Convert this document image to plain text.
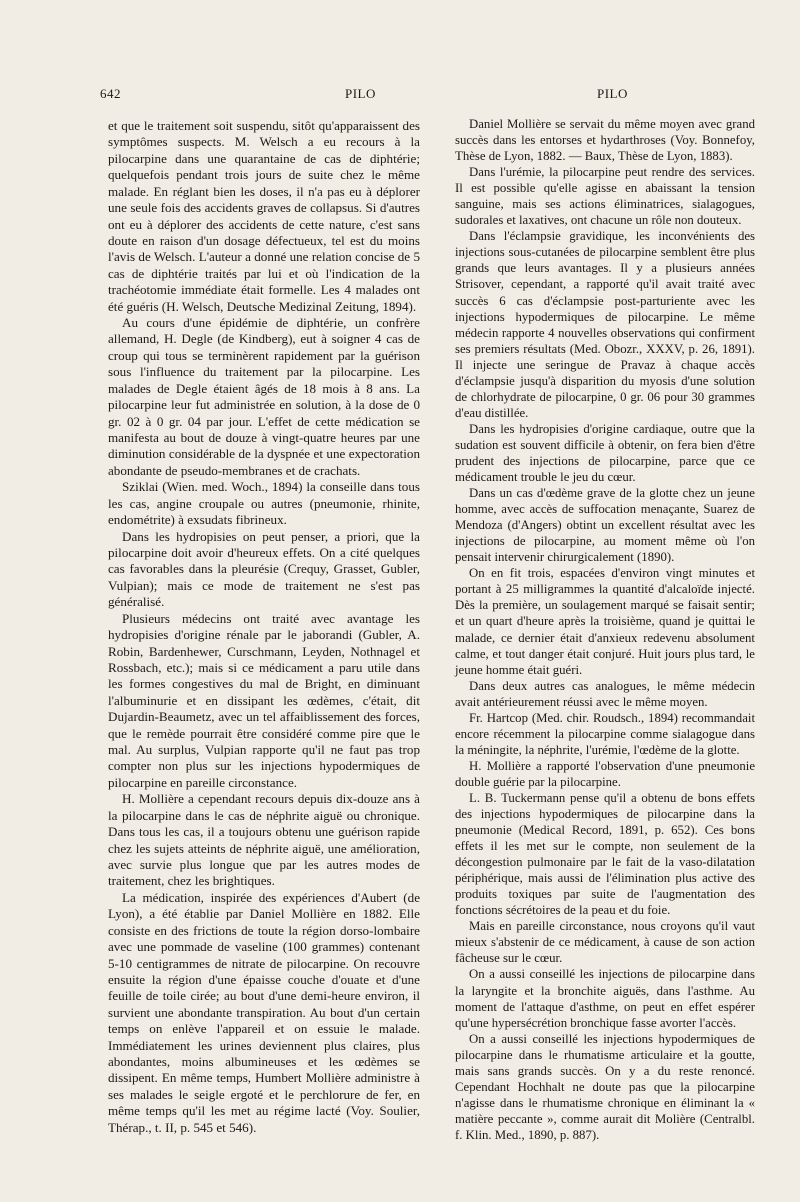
642	PILO	PILO

et que le traitement soit suspendu, sitôt qu'apparaissent des symptômes suspects. M. Welsch a eu recours à la pilocarpine dans une quarantaine de cas de diphtérie; quelquefois pendant trois jours de suite chez le même malade. En réglant bien les doses, il n'a pas eu à déplorer une seule fois des accidents graves de collapsus. Si d'autres ont eu à déplorer des accidents de cette nature, c'est sans doute en raison d'un dosage défectueux, tel est du moins l'avis de Welsch. L'auteur a donné une relation concise de 5 cas de diphtérie traités par lui et où l'indication de la trachéotomie immédiate était formelle. Les 4 malades ont été guéris (H. Welsch, Deutsche Medizinal Zeitung, 1894).

Au cours d'une épidémie de diphtérie, un confrère allemand, H. Degle (de Kindberg), eut à soigner 4 cas de croup qui tous se terminèrent rapidement par la guérison sous l'influence du traitement par la pilocarpine. Les malades de Degle étaient âgés de 18 mois à 8 ans. La pilocarpine leur fut administrée en solution, à la dose de 0 gr. 02 à 0 gr. 04 par jour. L'effet de cette médication se manifesta au bout de douze à vingt-quatre heures par une diminution considérable de la dyspnée et une expectoration abondante de pseudo-membranes et de crachats.

Sziklai (Wien. med. Woch., 1894) la conseille dans tous les cas, angine croupale ou autres (pneumonie, rhinite, endométrite) à exsudats fibrineux.

Dans les hydropisies on peut penser, a priori, que la pilocarpine doit avoir d'heureux effets. On a cité quelques cas favorables dans la pleurésie (Crequy, Grasset, Gubler, Vulpian); mais ce mode de traitement ne s'est pas généralisé.

Plusieurs médecins ont traité avec avantage les hydropisies d'origine rénale par le jaborandi (Gubler, A. Robin, Bardenhewer, Curschmann, Leyden, Nothnagel et Rossbach, etc.); mais si ce médicament a paru utile dans les formes congestives du mal de Bright, en diminuant l'albuminurie et en dissipant les œdèmes, c'était, dit Dujardin-Beaumetz, avec un tel affaiblissement des forces, que le remède pourrait être considéré comme pire que le mal. Au surplus, Vulpian rapporte qu'il ne faut pas trop compter non plus sur les injections hypodermiques de pilocarpine en pareille circonstance.

H. Mollière a cependant recours depuis dix-douze ans à la pilocarpine dans le cas de néphrite aiguë ou chronique. Dans tous les cas, il a toujours obtenu une guérison rapide chez les sujets atteints de néphrite aiguë, une amélioration, avec survie plus longue que par les autres modes de traitement, chez les brightiques.

La médication, inspirée des expériences d'Aubert (de Lyon), a été établie par Daniel Mollière en 1882. Elle consiste en des frictions de toute la région dorso-lombaire avec une pommade de vaseline (100 grammes) contenant 5-10 centigrammes de nitrate de pilocarpine. On recouvre ensuite la région d'une épaisse couche d'ouate et d'une feuille de toile cirée; au bout d'une demi-heure environ, il survient une abondante transpiration. Au bout d'un certain temps on enlève l'appareil et on essuie le malade. Immédiatement les urines deviennent plus claires, plus abondantes, moins albumineuses et les œdèmes se dissipent. En même temps, Humbert Mollière administre à ses malades le seigle ergoté et le perchlorure de fer, en même temps qu'il les met au régime lacté (Voy. Soulier, Thérap., t. II, p. 545 et 546).

Daniel Mollière se servait du même moyen avec grand succès dans les entorses et hydarthroses (Voy. Bonnefoy, Thèse de Lyon, 1882. — Baux, Thèse de Lyon, 1883).

Dans l'urémie, la pilocarpine peut rendre des services. Il est possible qu'elle agisse en abaissant la tension sanguine, mais ses actions éliminatrices, sialagogues, sudorales et laxatives, ont chacune un rôle non douteux.

Dans l'éclampsie gravidique, les inconvénients des injections sous-cutanées de pilocarpine semblent être plus grands que leurs avantages. Il y a plusieurs années Strisover, cependant, a rapporté qu'il avait traité avec succès 6 cas d'éclampsie post-parturiente avec les injections hypodermiques de pilocarpine. Le même médecin rapporte 4 nouvelles observations qui confirment ses premiers résultats (Med. Obozr., XXXV, p. 26, 1891). Il injecte une seringue de Pravaz à chaque accès d'éclampsie jusqu'à disparition du myosis d'une solution de chlorhydrate de pilocarpine, 0 gr. 06 pour 30 grammes d'eau distillée.

Dans les hydropisies d'origine cardiaque, outre que la sudation est souvent difficile à obtenir, on fera bien d'être prudent des injections de pilocarpine, parce que ce médicament trouble le jeu du cœur.

Dans un cas d'œdème grave de la glotte chez un jeune homme, avec accès de suffocation menaçante, Suarez de Mendoza (d'Angers) obtint un excellent résultat avec les injections de pilocarpine, au moment même où l'on pensait intervenir chirurgicalement (1890).

On en fit trois, espacées d'environ vingt minutes et portant à 25 milligrammes la quantité d'alcaloïde injecté. Dès la première, un soulagement marqué se faisait sentir; et un quart d'heure après la troisième, quand je quittai le malade, ce dernier était d'anxieux redevenu absolument calme, et tout danger était conjuré. Huit jours plus tard, le jeune homme était guéri.

Dans deux autres cas analogues, le même médecin avait antérieurement réussi avec le même moyen.

Fr. Hartcop (Med. chir. Roudsch., 1894) recommandait encore récemment la pilocarpine comme sialagogue dans la méningite, la néphrite, l'urémie, l'œdème de la glotte.

H. Mollière a rapporté l'observation d'une pneumonie double guérie par la pilocarpine.

L. B. Tuckermann pense qu'il a obtenu de bons effets des injections hypodermiques de pilocarpine dans la pneumonie (Medical Record, 1891, p. 652). Ces bons effets il les met sur le compte, non seulement de la décongestion pulmonaire par le fait de la vaso-dilatation périphérique, mais aussi de l'élimination plus active des produits toxiques par suite de l'augmentation des fonctions sécrétoires de la peau et du foie.

Mais en pareille circonstance, nous croyons qu'il vaut mieux s'abstenir de ce médicament, à cause de son action fâcheuse sur le cœur.

On a aussi conseillé les injections de pilocarpine dans la laryngite et la bronchite aiguës, dans l'asthme. Au moment de l'attaque d'asthme, on peut en effet espérer qu'une hypersécrétion bronchique fasse avorter l'accès.

On a aussi conseillé les injections hypodermiques de pilocarpine dans le rhumatisme articulaire et la goutte, mais sans grands succès. On y a du reste renoncé. Cependant Hochhalt ne doute pas que la pilocarpine n'agisse dans le rhumatisme chronique en éliminant la « matière peccante », comme aurait dit Molière (Centralbl. f. Klin. Med., 1890, p. 887).
